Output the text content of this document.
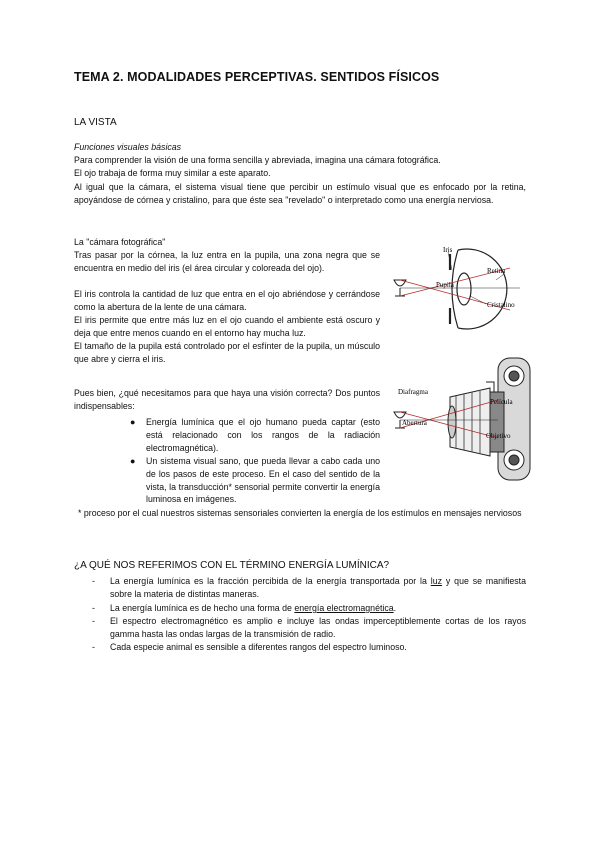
TEMA 2. MODALIDADES PERCEPTIVAS. SENTIDOS FÍSICOS
LA VISTA
Funciones visuales básicas
Para comprender la visión de una forma sencilla y abreviada, imagina una cámara fotográfica.
El ojo trabaja de forma muy similar a este aparato.
Al igual que la cámara, el sistema visual tiene que percibir un estímulo visual que es enfocado por la retina, apoyándose de córnea y cristalino, para que éste sea "revelado" o interpretado como una energía nerviosa.
La "cámara fotográfica"
Tras pasar por la córnea, la luz entra en la pupila, una zona negra que se encuentra en medio del iris (el área circular y coloreada del ojo).
El iris controla la cantidad de luz que entra en el ojo abriéndose y cerrándose como la abertura de la lente de una cámara.
El iris permite que entre más luz en el ojo cuando el ambiente está oscuro y deja que entre menos cuando en el entorno hay mucha luz.
El tamaño de la pupila está controlado por el esfínter de la pupila, un músculo que abre y cierra el iris.
Iris
Retina
Pupila
Cristalino
Pues bien, ¿qué necesitamos para que haya una visión correcta? Dos puntos indispensables:
● Energía lumínica que el ojo humano pueda captar (esto está relacionado con los rangos de la radiación electromagnética).
● Un sistema visual sano, que pueda llevar a cabo cada uno de los pasos de este proceso. En el caso del sentido de la vista, la transducción* sensorial permite convertir la energía luminosa en imágenes.
Diafragma
Película
Abertura
Objetivo
* proceso por el cual nuestros sistemas sensoriales convierten la energía de los estímulos en mensajes nerviosos
¿A QUÉ NOS REFERIMOS CON EL TÉRMINO ENERGÍA LUMÍNICA?
- La energía lumínica es la fracción percibida de la energía transportada por la luz y que se manifiesta sobre la materia de distintas maneras.
- La energía lumínica es de hecho una forma de energía electromagnética.
- El espectro electromagnético es amplio e incluye las ondas imperceptiblemente cortas de los rayos gamma hasta las ondas largas de la transmisión de radio.
- Cada especie animal es sensible a diferentes rangos del espectro luminoso.
